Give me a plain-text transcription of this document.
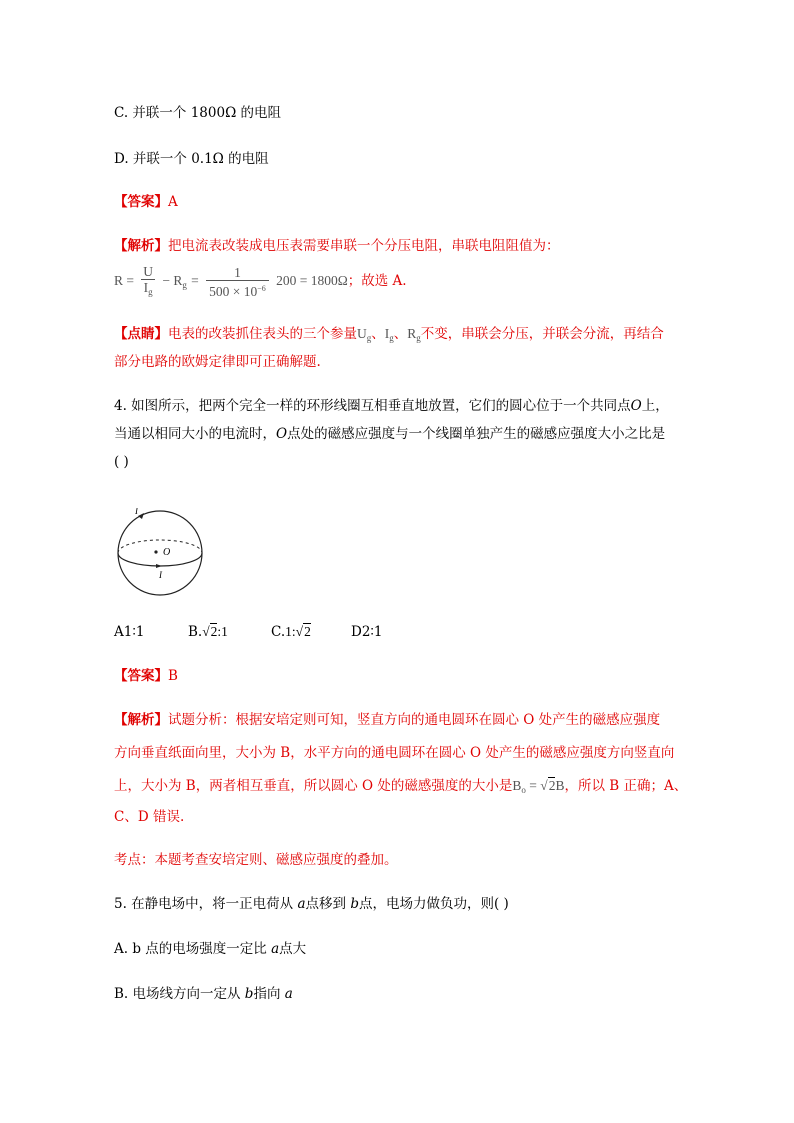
C. 并联一个 1800Ω 的电阻
D. 并联一个 0.1Ω 的电阻
【答案】A
【解析】把电流表改装成电压表需要串联一个分压电阻，串联电阻阻值为：
$R = \frac{U}{I_g} - R_g = \frac{1}{500 \times 10^{-6}} 200 = 1800\Omega$；故选 A.
【点睛】电表的改装抓住表头的三个参量$U_g$、$I_g$、$R_g$不变，串联会分压，并联会分流，再结合
部分电路的欧姆定律即可正确解题.
4. 如图所示，把两个完全一样的环形线圈互相垂直地放置，它们的圆心位于一个共同点O上，
当通以相同大小的电流时，O点处的磁感应强度与一个线圈单独产生的磁感应强度大小之比是
( )
I
O
I
A1∶1	B.√2:1	C.1:√2	D2∶1
【答案】B
【解析】试题分析：根据安培定则可知，竖直方向的通电圆环在圆心 O 处产生的磁感应强度
方向垂直纸面向里，大小为 B，水平方向的通电圆环在圆心 O 处产生的磁感应强度方向竖直向
上，大小为 B，两者相互垂直，所以圆心 O 处的磁感强度的大小是$B_o = √2B$，所以 B 正确；A、
C、D 错误.
考点：本题考查安培定则、磁感应强度的叠加。
5. 在静电场中，将一正电荷从 a点移到 b点，电场力做负功，则( )
A. b 点的电场强度一定比 a点大
B. 电场线方向一定从 b指向 a
